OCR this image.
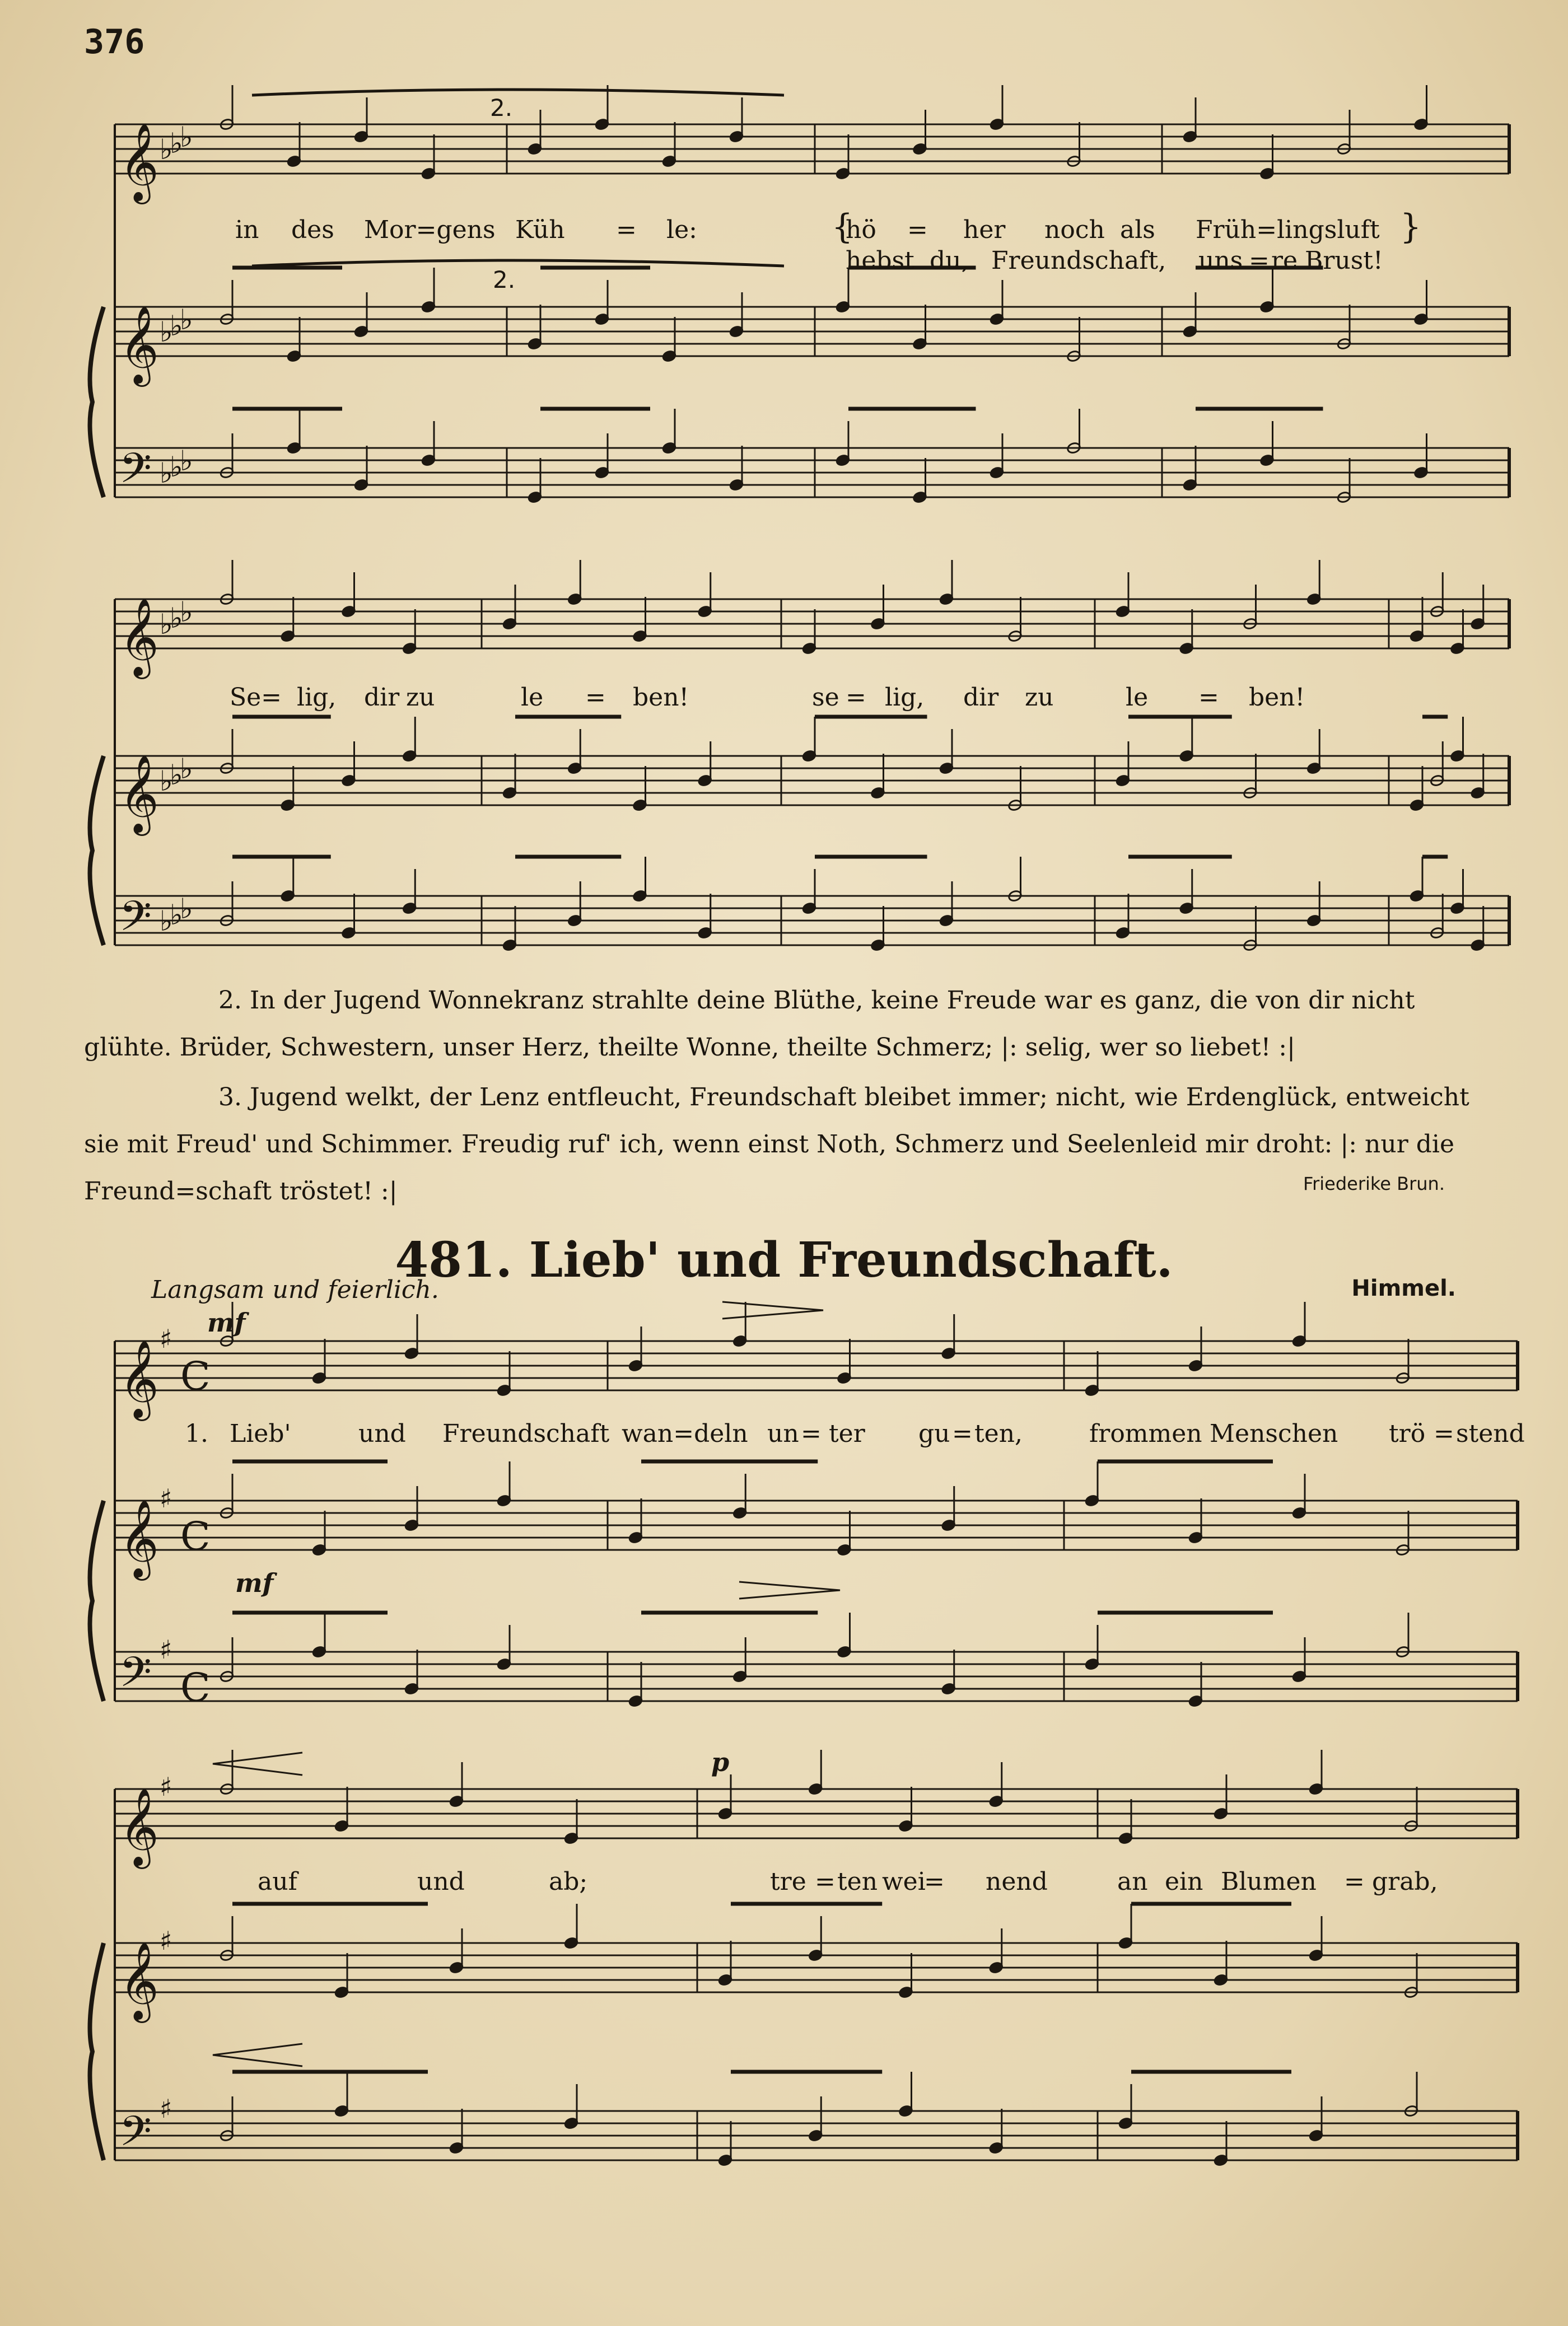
376
𝄞 ♭
♭
♭
𝄞 ♭
♭
♭
𝄢 ♭
♭
♭
𝄞 ♭
♭
♭
𝄞 ♭
♭
♭
𝄢 ♭
♭
♭
𝄞
♯
𝄞
♯
𝄢 ♯
𝄞
♯
𝄞
♯
𝄢 ♯
C
C
C
2.
2.
in des Mor=gens Küh = le:	{
hö = her noch als Früh=lingsluft }
hebst du, Freundschaft, uns = re Brust!
Se= lig, dir zu	le = ben!	se = lig, dir zu	le = ben!
2. In der Jugend Wonnekranz strahlte deine Blüthe, keine Freude war es ganz, die von dir nicht glühte. Brüder, Schwestern, unser Herz, theilte Wonne, theilte Schmerz; |: selig, wer so liebet! :|
3. Jugend welkt, der Lenz entfleucht, Freundschaft bleibet immer; nicht, wie Erdenglück, entweicht sie mit Freud' und Schimmer. Freudig ruf' ich, wenn einst Noth, Schmerz und Seelenleid mir droht: |: nur die Freund=schaft tröstet! :|	Friederike Brun.
481. Lieb' und Freundschaft.
Langsam und feierlich.	Himmel.
mf
mf
p
1. Lieb'	und Freundschaft wan=deln un = ter gu = ten,	frommen Menschen trö = stend
auf	und	ab;	tre = ten wei
= nend	an ein Blumen = grab,
